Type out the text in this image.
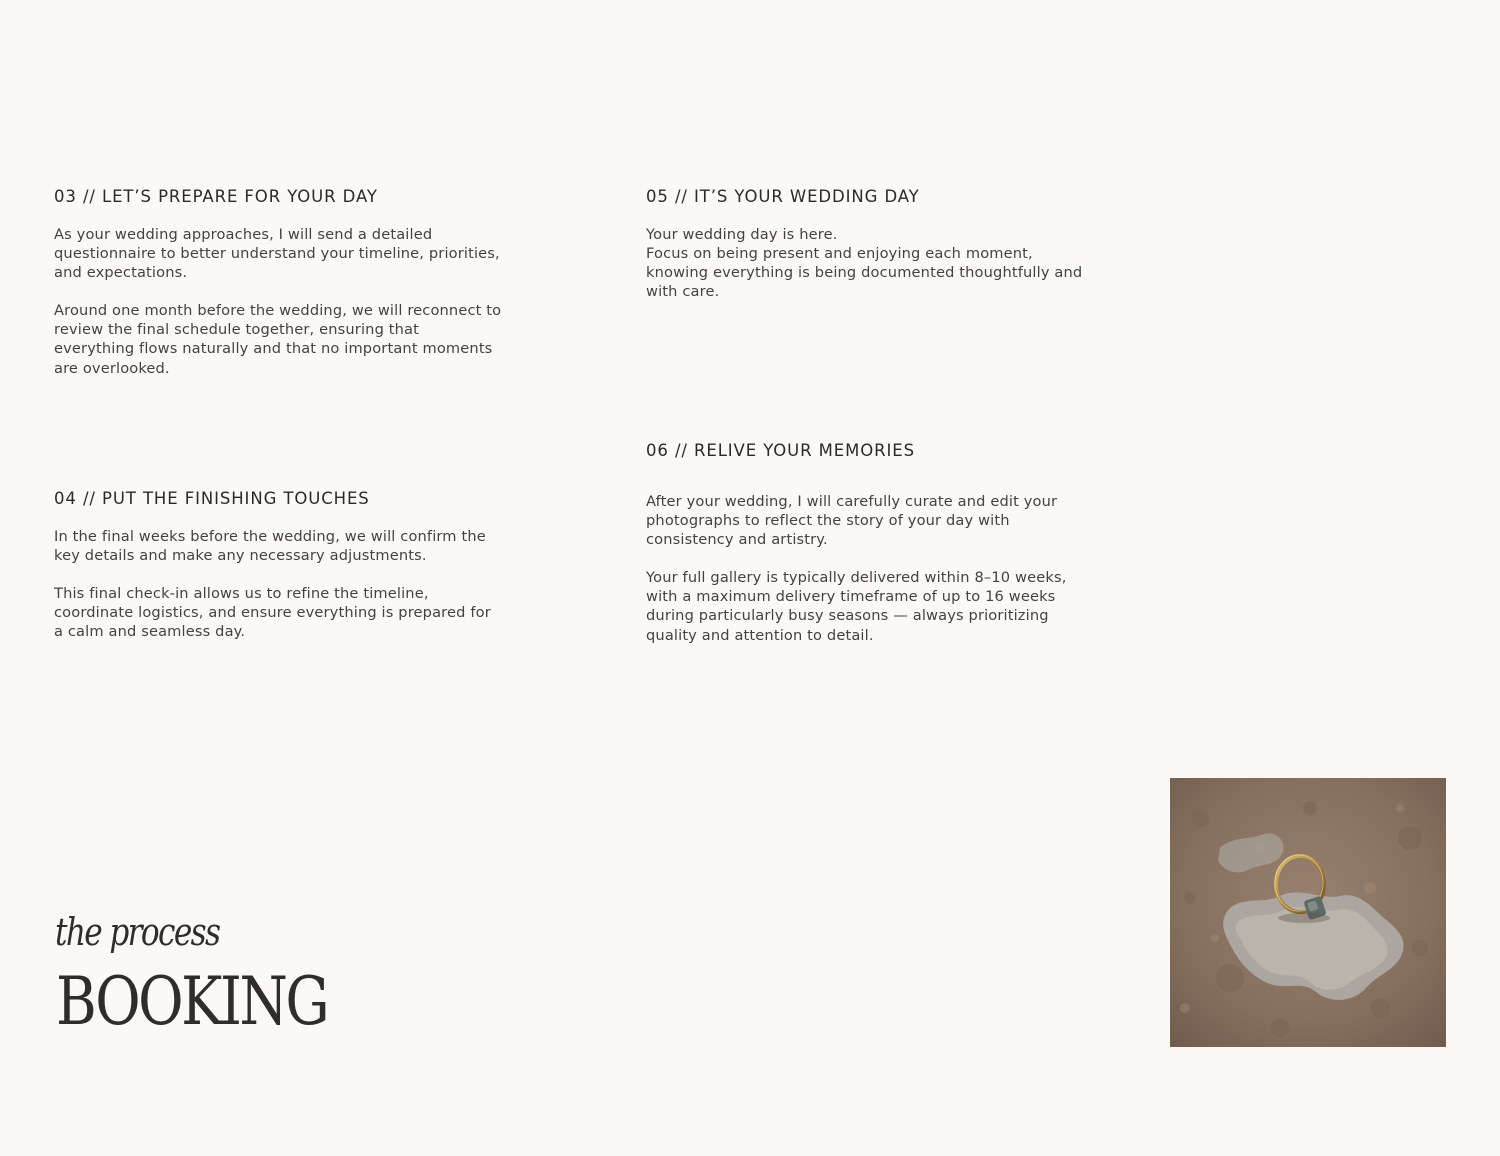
03 // LET’S PREPARE FOR YOUR DAY

As your wedding approaches, I will send a detailed questionnaire to better understand your timeline, priorities, and expectations.

Around one month before the wedding, we will reconnect to review the final schedule together, ensuring that everything flows naturally and that no important moments are overlooked.

04 // PUT THE FINISHING TOUCHES

In the final weeks before the wedding, we will confirm the key details and make any necessary adjustments.

This final check-in allows us to refine the timeline, coordinate logistics, and ensure everything is prepared for a calm and seamless day.

05 // IT’S YOUR WEDDING DAY

Your wedding day is here.

Focus on being present and enjoying each moment, knowing everything is being documented thoughtfully and with care.

06 // RELIVE YOUR MEMORIES

After your wedding, I will carefully curate and edit your photographs to reflect the story of your day with consistency and artistry.

Your full gallery is typically delivered within 8–10 weeks, with a maximum delivery timeframe of up to 16 weeks during particularly busy seasons — always prioritizing quality and attention to detail.

the process
BOOKING
